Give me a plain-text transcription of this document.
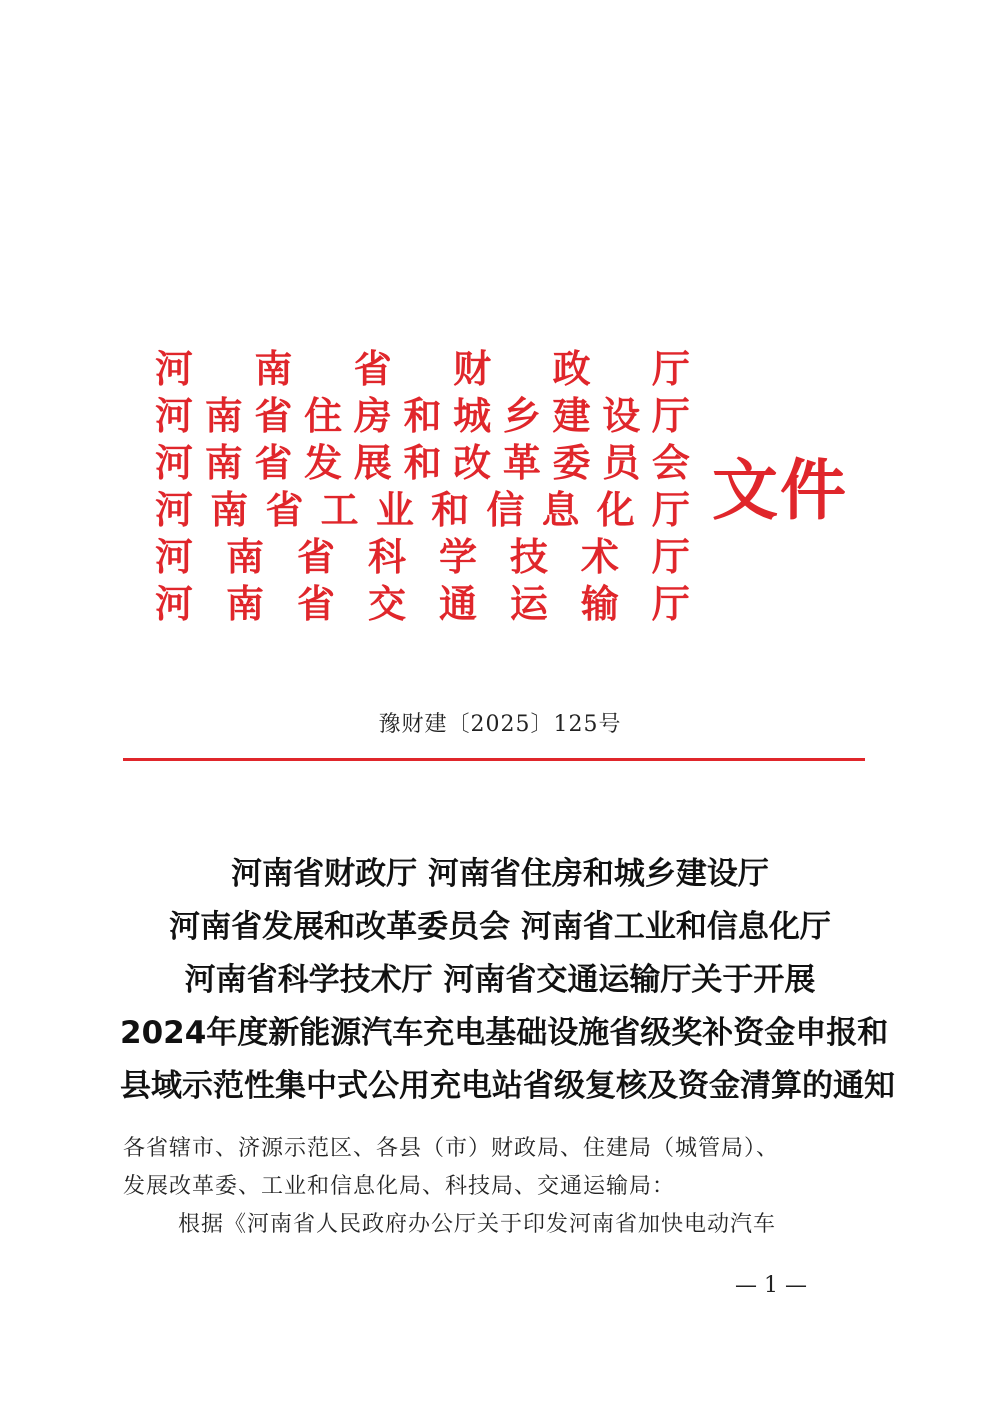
河 南 省 财 政 厅
河 南 省 住 房 和 城 乡 建 设 厅
河 南 省 发 展 和 改 革 委 员 会
河 南 省 工 业 和 信 息 化 厅
河 南 省 科 学 技 术 厅
河 南 省 交 通 运 输 厅
文件
豫财建〔2025〕125号
河南省财政厅 河南省住房和城乡建设厅
河南省发展和改革委员会 河南省工业和信息化厅
河南省科学技术厅 河南省交通运输厅关于开展
2024年度新能源汽车充电基础设施省级奖补资金申报和
县域示范性集中式公用充电站省级复核及资金清算的通知

各省辖市、济源示范区、各县（市）财政局、住建局（城管局）、

发展改革委、工业和信息化局、科技局、交通运输局：

根据《河南省人民政府办公厅关于印发河南省加快电动汽车

— 1 —
